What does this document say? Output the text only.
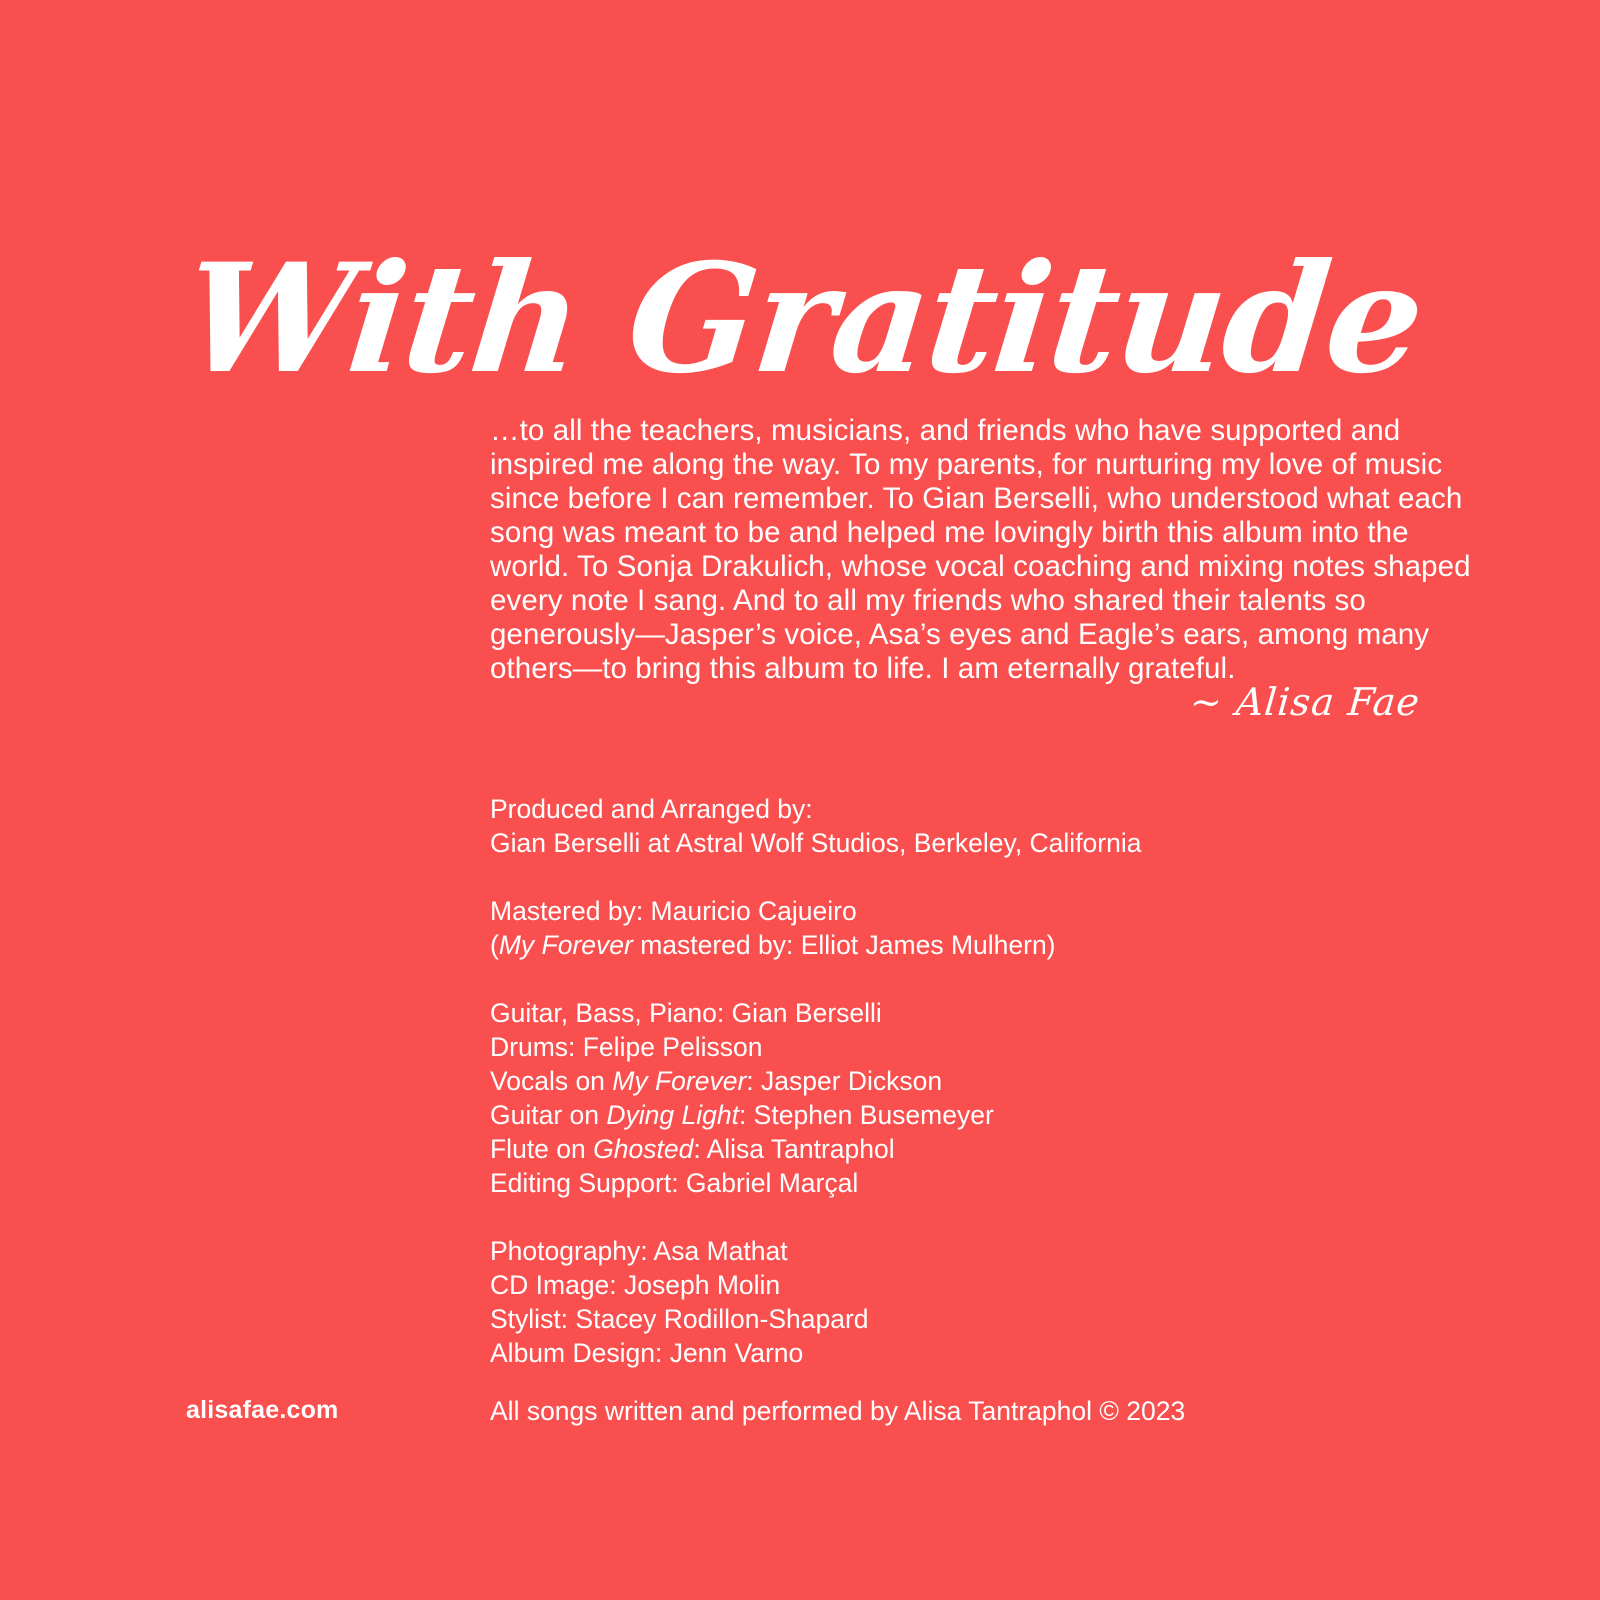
With Gratitude

…to all the teachers, musicians, and friends who have supported and inspired me along the way. To my parents, for nurturing my love of music since before I can remember. To Gian Berselli, who understood what each song was meant to be and helped me lovingly birth this album into the world. To Sonja Drakulich, whose vocal coaching and mixing notes shaped every note I sang. And to all my friends who shared their talents so generously—Jasper’s voice, Asa’s eyes and Eagle’s ears, among many others—to bring this album to life. I am eternally grateful.

~ Alisa Fae
Produced and Arranged by:
Gian Berselli at Astral Wolf Studios, Berkeley, California
Mastered by: Mauricio Cajueiro
(My Forever mastered by: Elliot James Mulhern)
Guitar, Bass, Piano: Gian Berselli
Drums: Felipe Pelisson
Vocals on My Forever: Jasper Dickson
Guitar on Dying Light: Stephen Busemeyer
Flute on Ghosted: Alisa Tantraphol
Editing Support: Gabriel Marçal
Photography: Asa Mathat
CD Image: Joseph Molin
Stylist: Stacey Rodillon-Shapard
Album Design: Jenn Varno
alisafae.com	All songs written and performed by Alisa Tantraphol © 2023
